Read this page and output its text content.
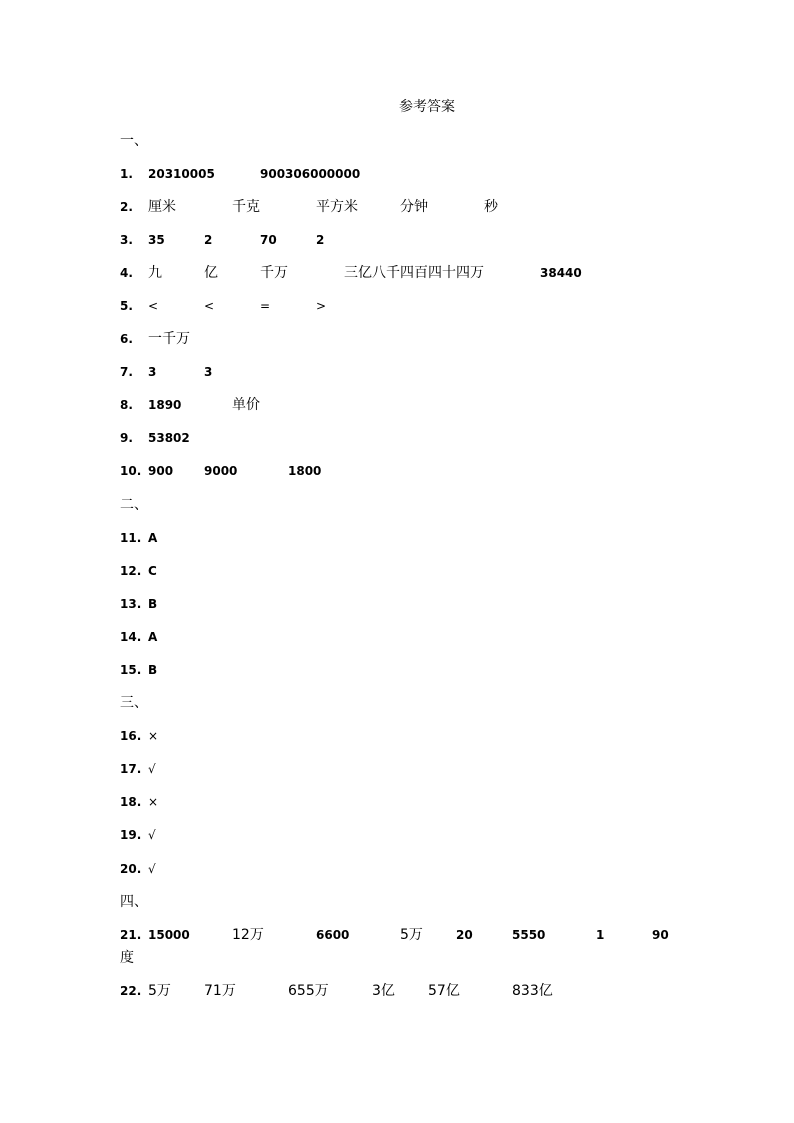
参考答案
一、
1. 20310005	900306000000
2. 厘米	千克	平方米	分钟	秒
3. 35	2	70	2
4. 九	亿	千万	三亿八千四百四十四万	38440
5. <	<	=	>
6. 一千万
7. 3	3
8. 1890	单价
9. 53802
10. 900	9000	1800
二、
11. A
12. C
13. B
14. A
15. B
三、
16. ×
17. √
18. ×
19. √
20. √
四、
21. 15000	12万	6600	5万	20	5550	1	90
度
22. 5万 71万	655万	3亿 57亿	833亿
